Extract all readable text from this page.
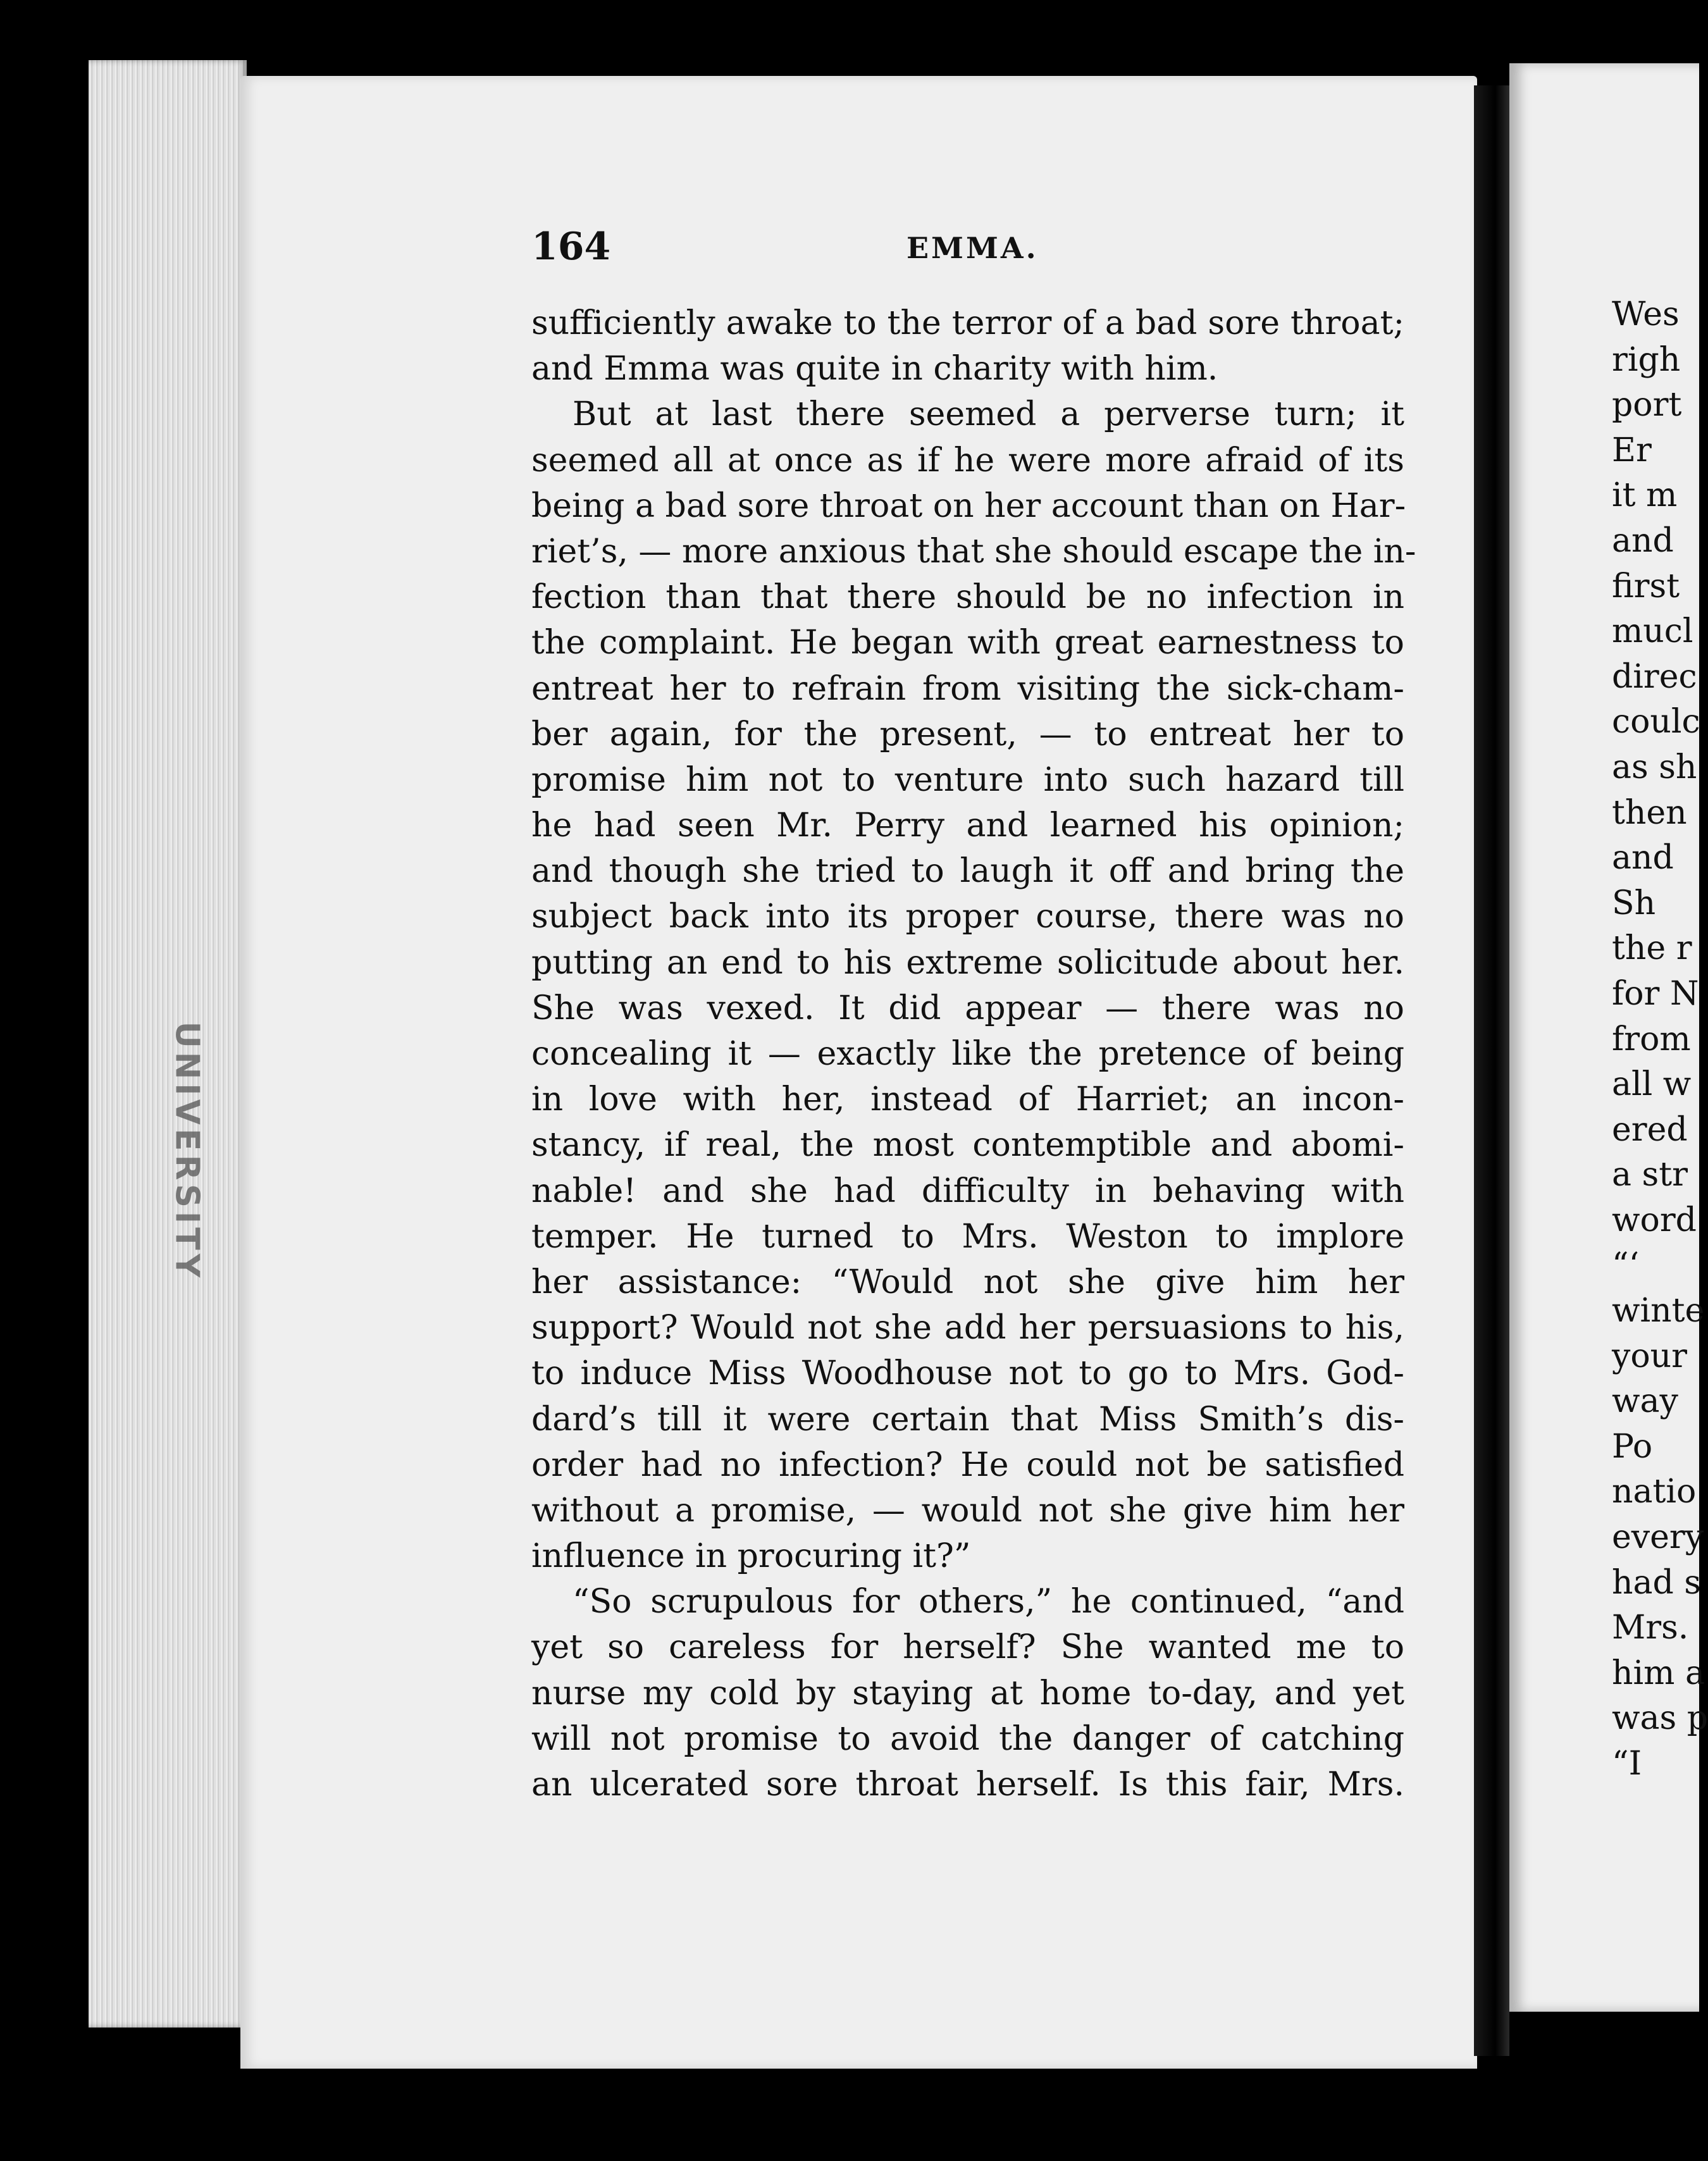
UNIVERSITY
164	EMMA.
sufficiently awake to the terror of a bad sore throat;
and Emma was quite in charity with him.
But at last there seemed a perverse turn; it
seemed all at once as if he were more afraid of its
being a bad sore throat on her account than on Har-
riet’s, — more anxious that she should escape the in-
fection than that there should be no infection in
the complaint. He began with great earnestness to
entreat her to refrain from visiting the sick-cham-
ber again, for the present, — to entreat her to
promise him not to venture into such hazard till
he had seen Mr. Perry and learned his opinion;
and though she tried to laugh it off and bring the
subject back into its proper course, there was no
putting an end to his extreme solicitude about her.
She was vexed. It did appear — there was no
concealing it — exactly like the pretence of being
in love with her, instead of Harriet; an incon-
stancy, if real, the most contemptible and abomi-
nable! and she had difficulty in behaving with
temper. He turned to Mrs. Weston to implore
her assistance: “Would not she give him her
support? Would not she add her persuasions to his,
to induce Miss Woodhouse not to go to Mrs. God-
dard’s till it were certain that Miss Smith’s dis-
order had no infection? He could not be satisfied
without a promise, — would not she give him her
influence in procuring it?”
“So scrupulous for others,” he continued, “and
yet so careless for herself? She wanted me to
nurse my cold by staying at home to-day, and yet
will not promise to avoid the danger of catching
an ulcerated sore throat herself. Is this fair, Mrs.
Wes
righ
port
Er
it m
and
first
mucl
direc
coulc
as sh
then
and
Sh
the r
for N
from
all w
ered
a str
word
“‘
winte
your
way
Po
natio
every
had s
Mrs.
him a
was p
“I
